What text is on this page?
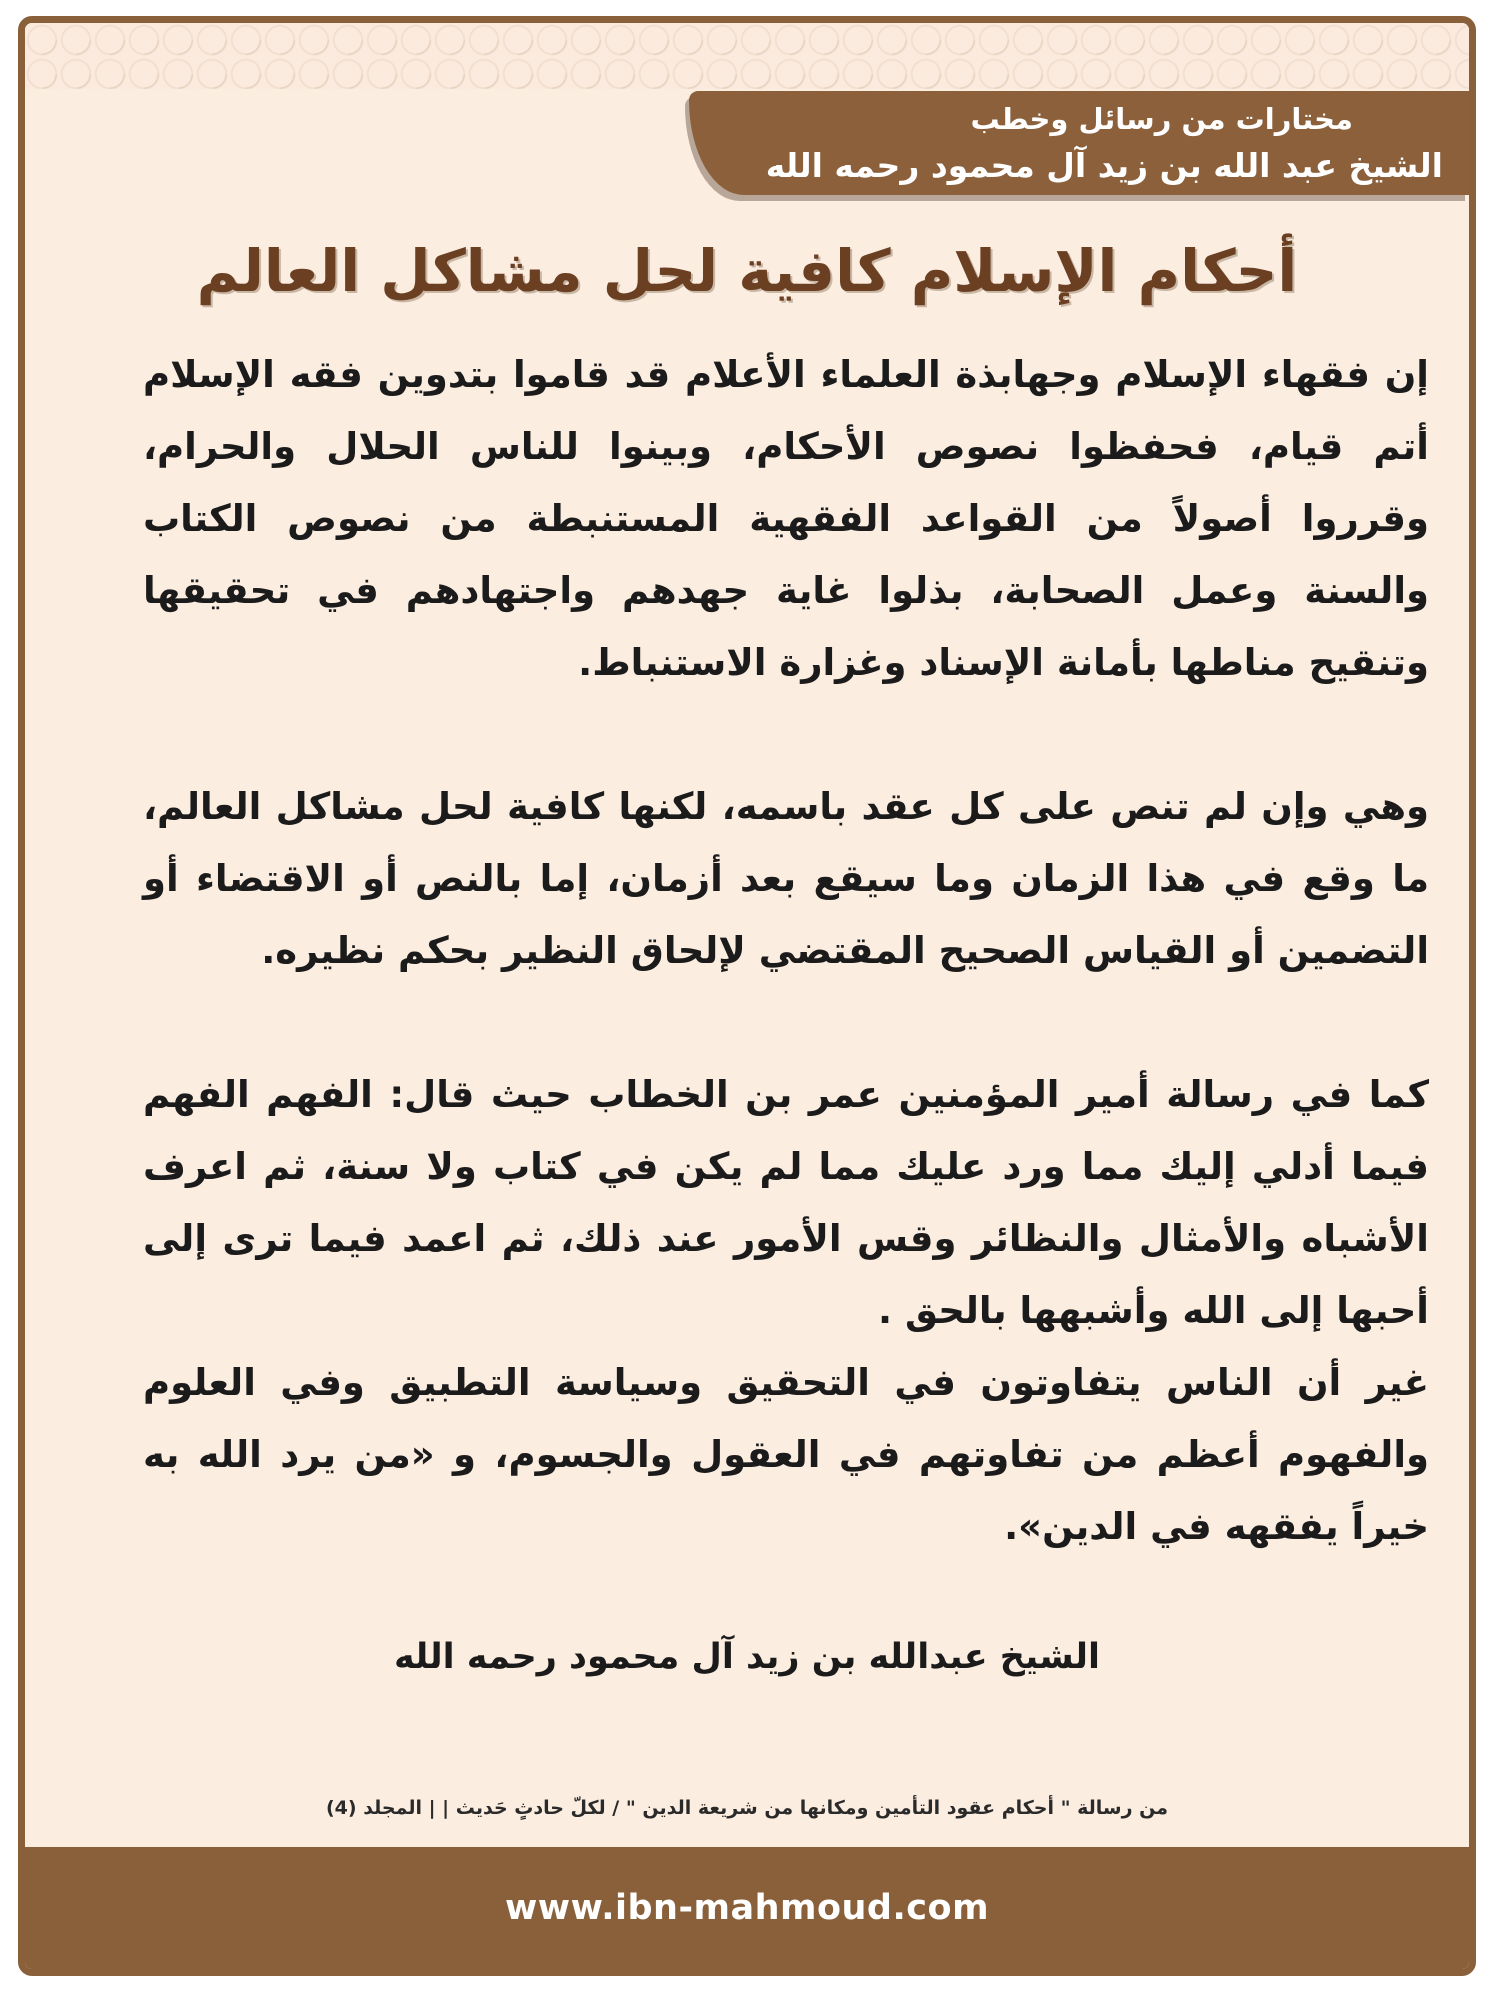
مختارات من رسائل وخطب
الشيخ عبد الله بن زيد آل محمود رحمه الله
أحكام الإسلام كافية لحل مشاكل العالم

إن فقهاء الإسلام وجهابذة العلماء الأعلام قد قاموا بتدوين فقه الإسلام أتم قيام، فحفظوا نصوص الأحكام، وبينوا للناس الحلال والحرام، وقرروا أصولاً من القواعد الفقهية المستنبطة من نصوص الكتاب والسنة وعمل الصحابة، بذلوا غاية جهدهم واجتهادهم في تحقيقها وتنقيح مناطها بأمانة الإسناد وغزارة الاستنباط.

وهي وإن لم تنص على كل عقد باسمه، لكنها كافية لحل مشاكل العالم، ما وقع في هذا الزمان وما سيقع بعد أزمان، إما بالنص أو الاقتضاء أو التضمين أو القياس الصحيح المقتضي لإلحاق النظير بحكم نظيره.

كما في رسالة أمير المؤمنين عمر بن الخطاب حيث قال: الفهم الفهم فيما أدلي إليك مما ورد عليك مما لم يكن في كتاب ولا سنة، ثم اعرف الأشباه والأمثال والنظائر وقس الأمور عند ذلك، ثم اعمد فيما ترى إلى أحبها إلى الله وأشبهها بالحق .

غير أن الناس يتفاوتون في التحقيق وسياسة التطبيق وفي العلوم والفهوم أعظم من تفاوتهم في العقول والجسوم، و «من يرد الله به خيراً يفقهه في الدين».

الشيخ عبدالله بن زيد آل محمود رحمه الله
من رسالة " أحكام عقود التأمين ومكانها من شريعة الدين " / لكلّ حادثٍ حَديث | | المجلد (4)
www.ibn-mahmoud.com
